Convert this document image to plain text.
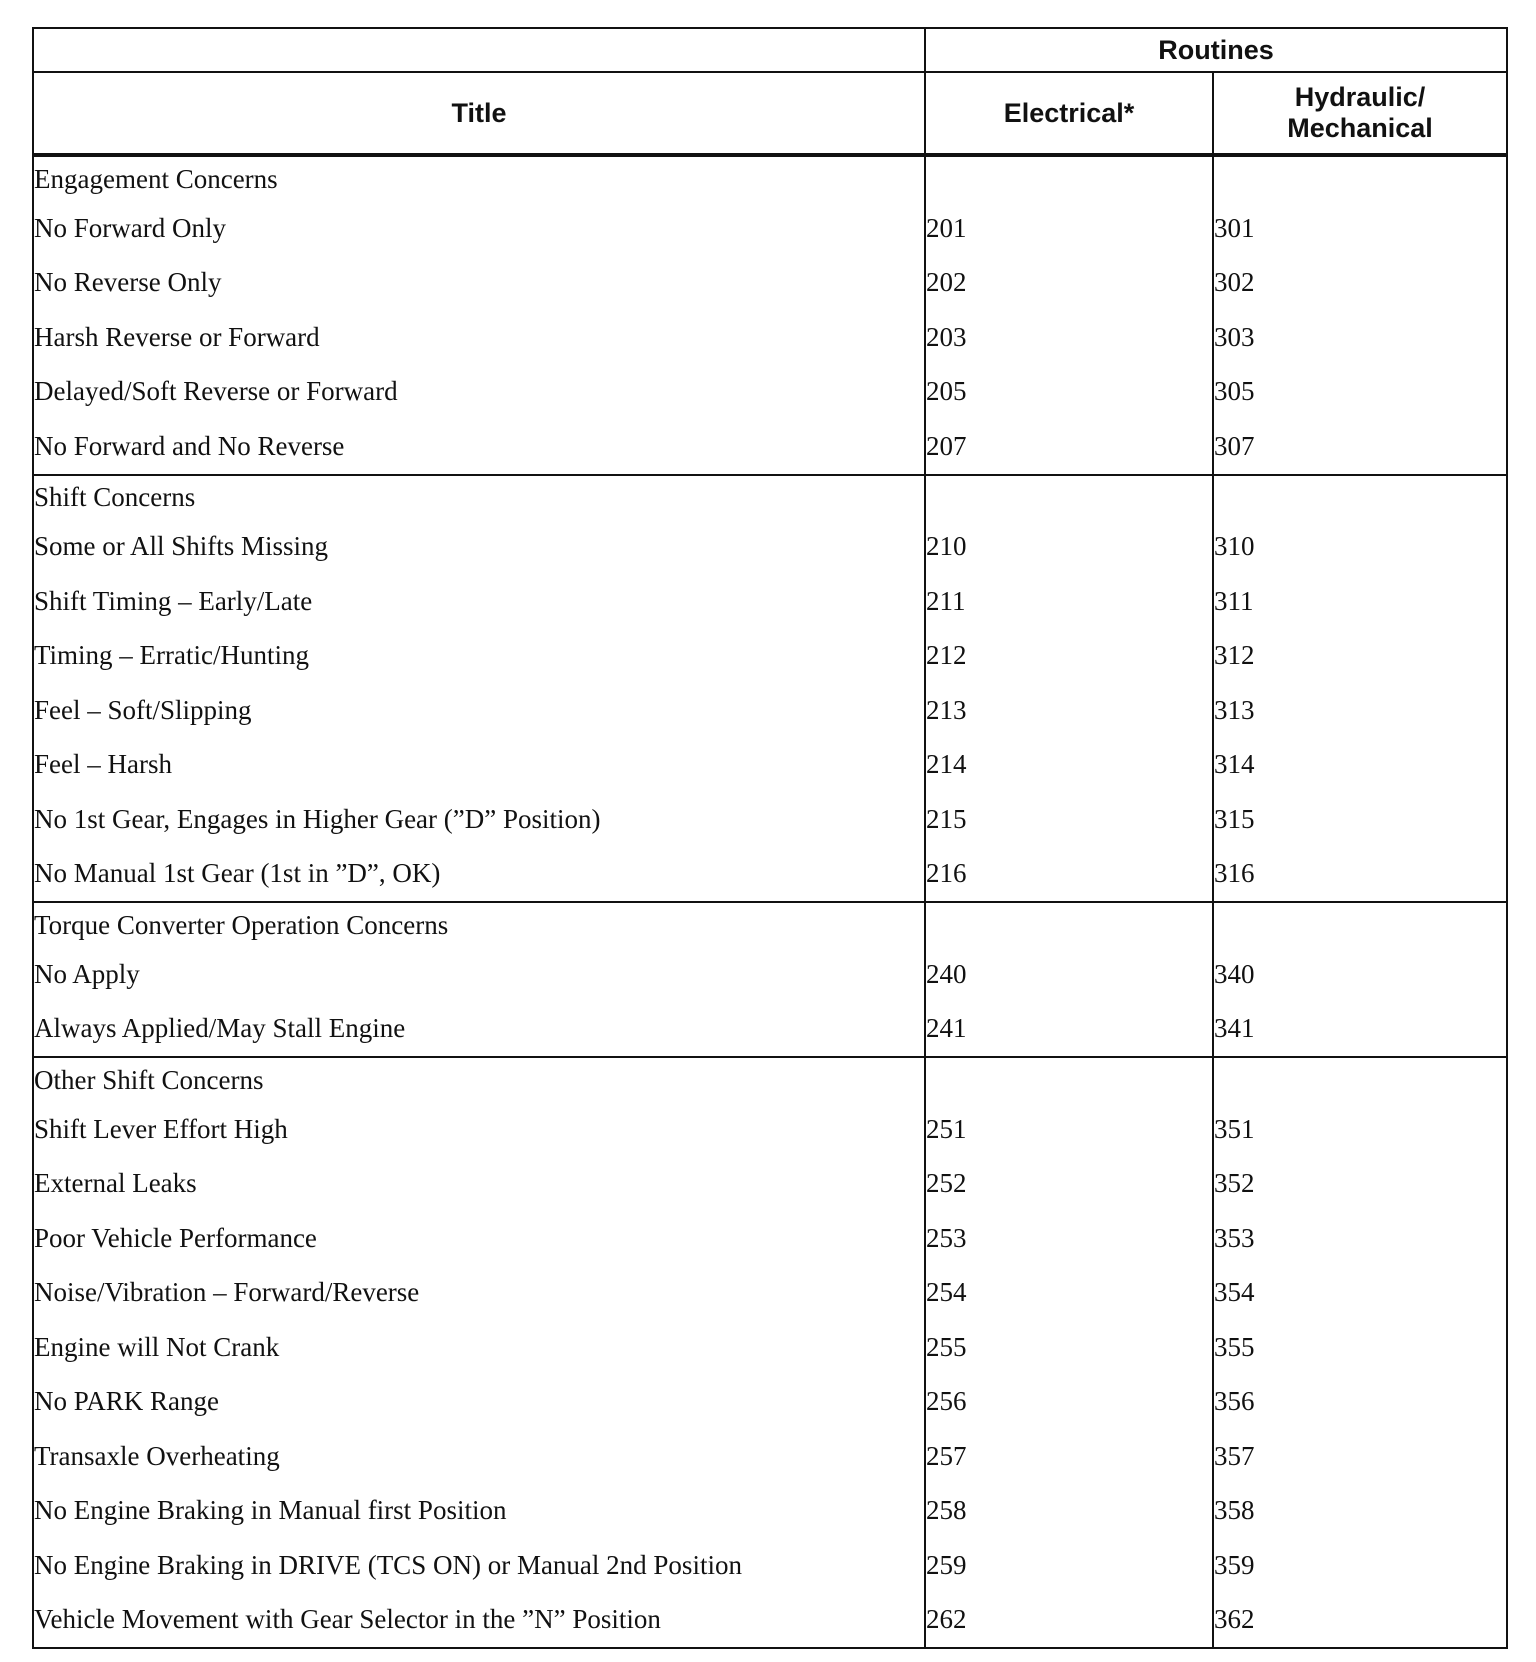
	Routines	
Title	Electrical*	Hydraulic/
Mechanical
Engagement Concerns		
No Forward Only	201	301
No Reverse Only	202	302
Harsh Reverse or Forward	203	303
Delayed/Soft Reverse or Forward	205	305
No Forward and No Reverse	207	307
Shift Concerns		
Some or All Shifts Missing	210	310
Shift Timing – Early/Late	211	311
Timing – Erratic/Hunting	212	312
Feel – Soft/Slipping	213	313
Feel – Harsh	214	314
No 1st Gear, Engages in Higher Gear (”D” Position)	215	315
No Manual 1st Gear (1st in ”D”, OK)	216	316
Torque Converter Operation Concerns		
No Apply	240	340
Always Applied/May Stall Engine	241	341
Other Shift Concerns		
Shift Lever Effort High	251	351
External Leaks	252	352
Poor Vehicle Performance	253	353
Noise/Vibration – Forward/Reverse	254	354
Engine will Not Crank	255	355
No PARK Range	256	356
Transaxle Overheating	257	357
No Engine Braking in Manual first Position	258	358
No Engine Braking in DRIVE (TCS ON) or Manual 2nd Position	259	359
Vehicle Movement with Gear Selector in the ”N” Position	262	362
